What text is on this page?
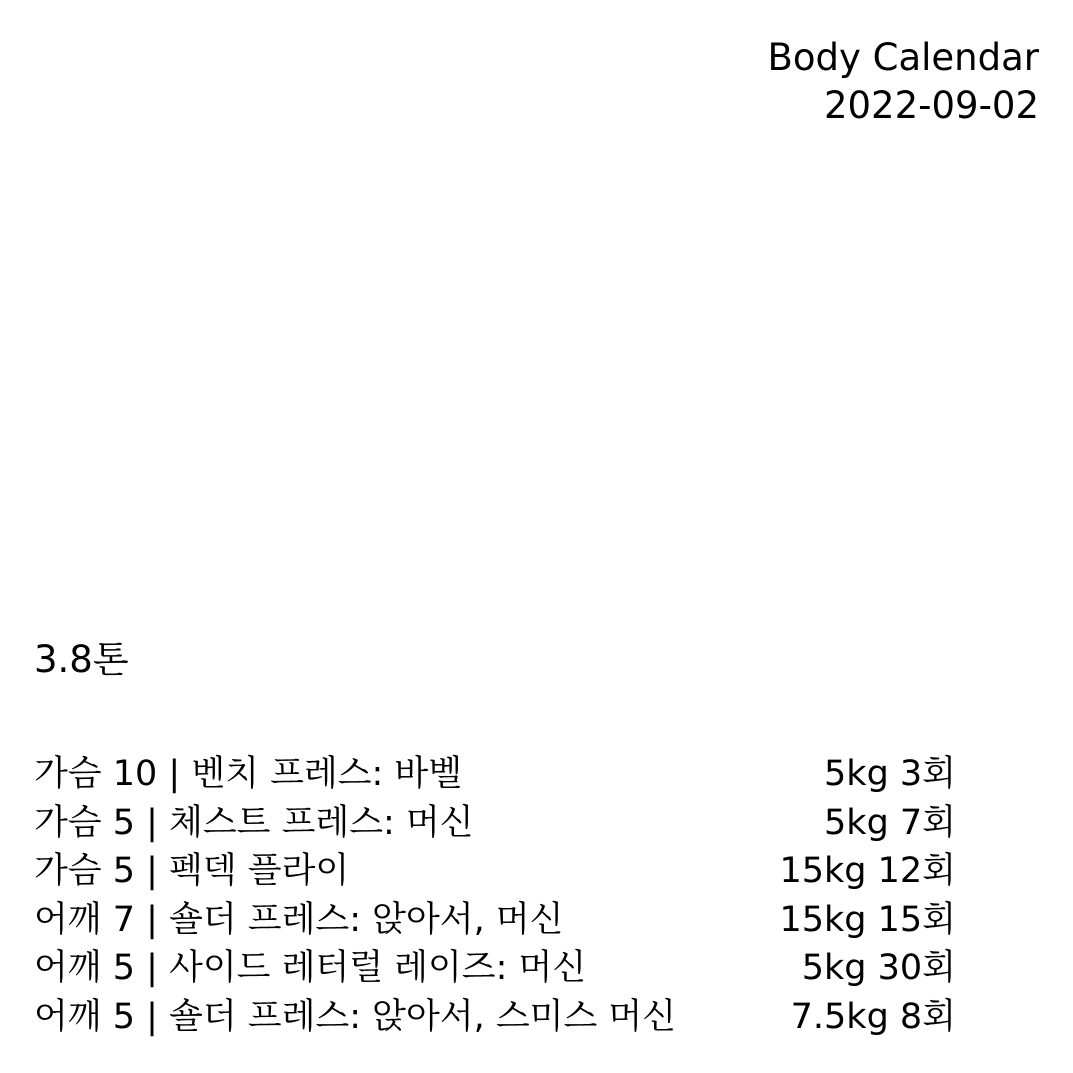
Body Calendar
2022-09-02
3.8톤
가슴 10 | 벤치 프레스: 바벨	5kg 3회
가슴 5 | 체스트 프레스: 머신	5kg 7회
가슴 5 | 펙덱 플라이	15kg 12회
어깨 7 | 숄더 프레스: 앉아서, 머신	15kg 15회
어깨 5 | 사이드 레터럴 레이즈: 머신	5kg 30회
어깨 5 | 숄더 프레스: 앉아서, 스미스 머신	7.5kg 8회
